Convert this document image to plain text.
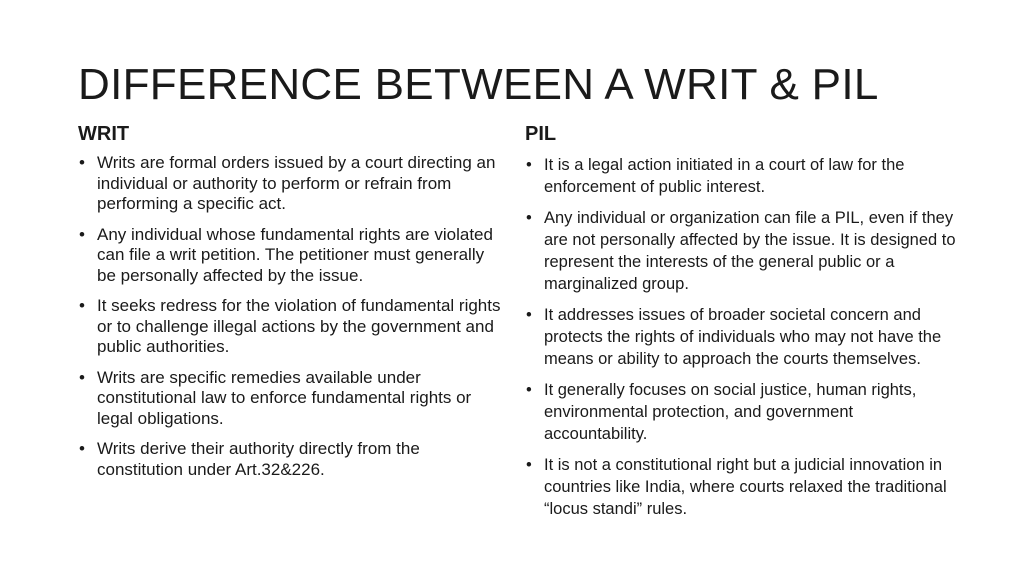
DIFFERENCE BETWEEN A WRIT & PIL
WRIT
• Writs are formal orders issued by a court directing an individual or authority to perform or refrain from performing a specific act.
• Any individual whose fundamental rights are violated can file a writ petition. The petitioner must generally be personally affected by the issue.
• It seeks redress for the violation of fundamental rights or to challenge illegal actions by the government and public authorities.
• Writs are specific remedies available under constitutional law to enforce fundamental rights or legal obligations.
• Writs derive their authority directly from the constitution under Art.32&226.
PIL
• It is a legal action initiated in a court of law for the enforcement of public interest.
• Any individual or organization can file a PIL, even if they are not personally affected by the issue. It is designed to represent the interests of the general public or a marginalized group.
• It addresses issues of broader societal concern and protects the rights of individuals who may not have the means or ability to approach the courts themselves.
• It generally focuses on social justice, human rights, environmental protection, and government accountability.
• It is not a constitutional right but a judicial innovation in countries like India, where courts relaxed the traditional “locus standi” rules.
